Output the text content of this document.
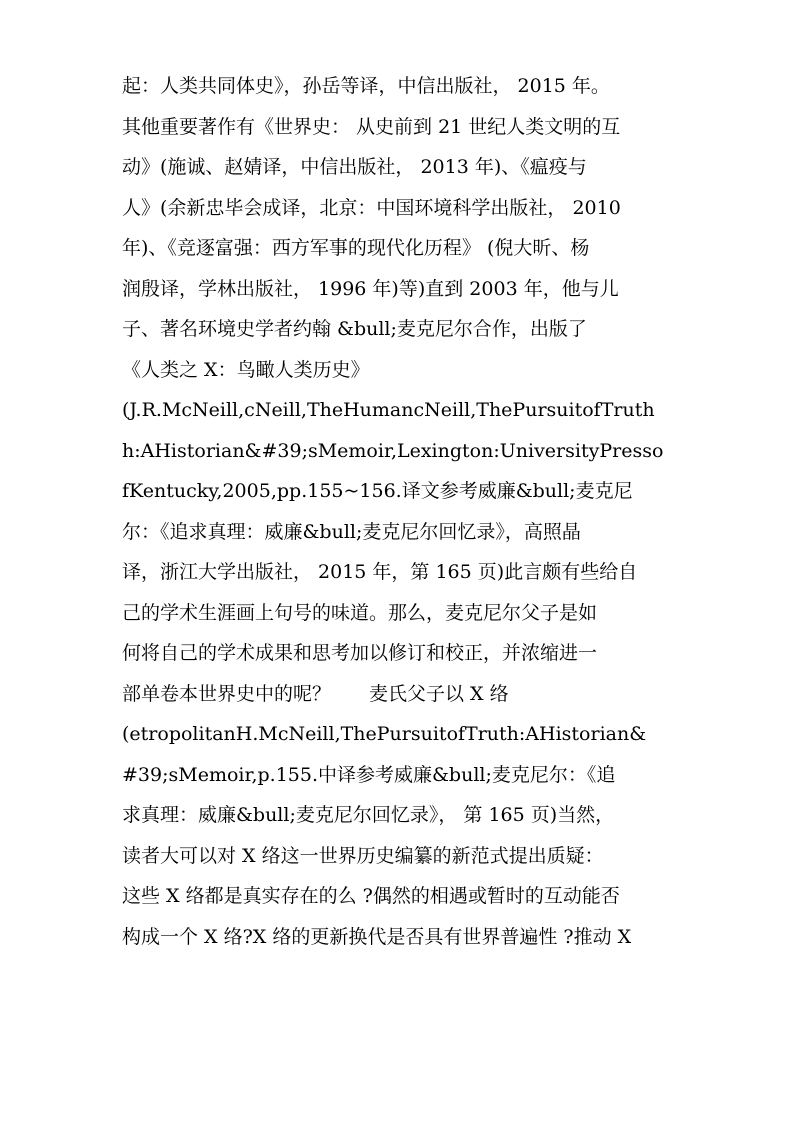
起：人类共同体史》，孙岳等译，中信出版社， 2015 年。
其他重要著作有《世界史： 从史前到 21 世纪人类文明的互
动》(施诚、赵婧译，中信出版社， 2013 年)、《瘟疫与
人》(余新忠毕会成译，北京：中国环境科学出版社， 2010
年)、《竞逐富强：西方军事的现代化历程》 (倪大昕、杨
润殷译，学林出版社， 1996 年)等)直到 2003 年，他与儿
子、著名环境史学者约翰 &bull;麦克尼尔合作，出版了
《人类之 X：鸟瞰人类历史》
(J.R.McNeill,cNeill,TheHumancNeill,ThePursuitofTruth
h:AHistorian&#39;sMemoir,Lexington:UniversityPresso
fKentucky,2005,pp.155~156.译文参考威廉&bull;麦克尼
尔：《追求真理：威廉&bull;麦克尼尔回忆录》，高照晶
译，浙江大学出版社， 2015 年，第 165 页)此言颇有些给自
己的学术生涯画上句号的味道。那么，麦克尼尔父子是如
何将自己的学术成果和思考加以修订和校正，并浓缩进一
部单卷本世界史中的呢？　　麦氏父子以 X 络
(etropolitanH.McNeill,ThePursuitofTruth:AHistorian&
#39;sMemoir,p.155.中译参考威廉&bull;麦克尼尔：《追
求真理：威廉&bull;麦克尼尔回忆录》， 第 165 页)当然，
读者大可以对 X 络这一世界历史编纂的新范式提出质疑：
这些 X 络都是真实存在的么 ?偶然的相遇或暂时的互动能否
构成一个 X 络?X 络的更新换代是否具有世界普遍性 ?推动 X
